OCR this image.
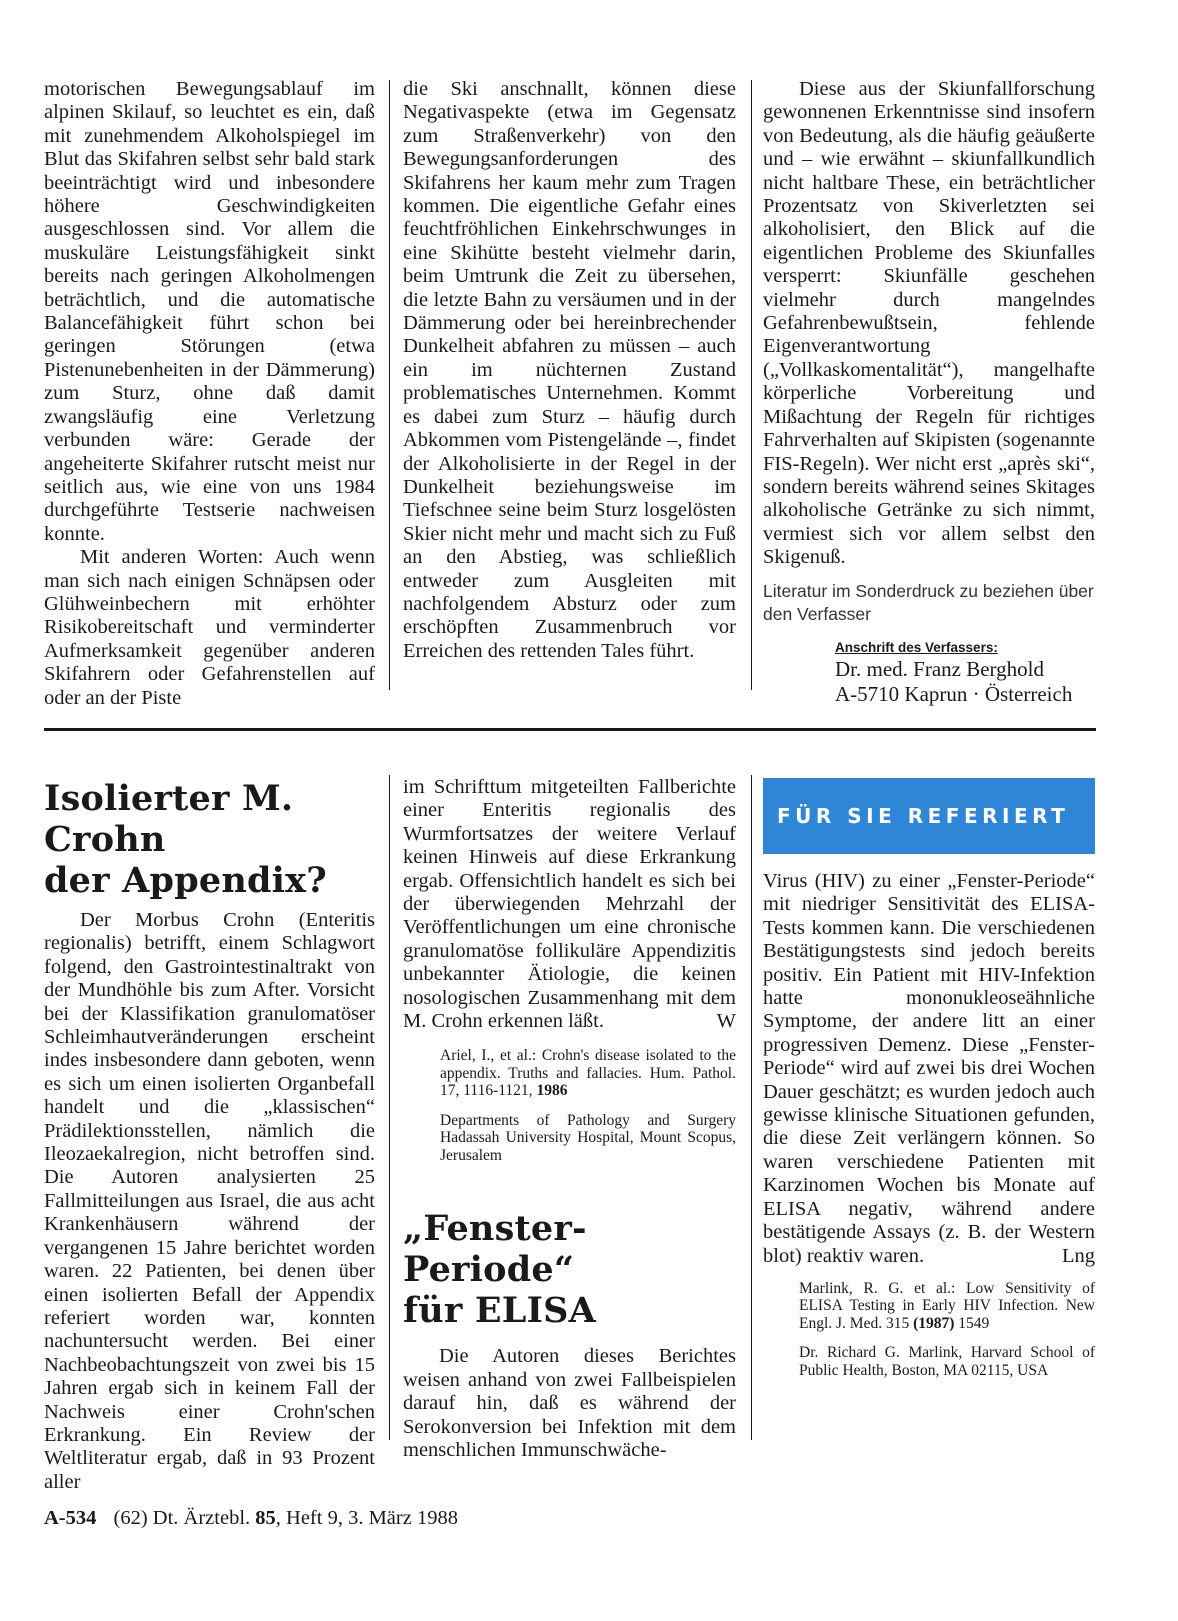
motorischen Bewegungsablauf im alpinen Skilauf, so leuchtet es ein, daß mit zunehmendem Alkoholspiegel im Blut das Skifahren selbst sehr bald stark beeinträchtigt wird und inbesondere höhere Geschwindigkeiten ausgeschlossen sind. Vor allem die muskuläre Leistungsfähigkeit sinkt bereits nach geringen Alkoholmengen beträchtlich, und die automatische Balancefähigkeit führt schon bei geringen Störungen (etwa Pistenunebenheiten in der Dämmerung) zum Sturz, ohne daß damit zwangsläufig eine Verletzung verbunden wäre: Gerade der angeheiterte Skifahrer rutscht meist nur seitlich aus, wie eine von uns 1984 durchgeführte Testserie nachweisen konnte.

Mit anderen Worten: Auch wenn man sich nach einigen Schnäpsen oder Glühweinbechern mit erhöhter Risikobereitschaft und verminderter Aufmerksamkeit gegenüber anderen Skifahrern oder Gefahrenstellen auf oder an der Piste

die Ski anschnallt, können diese Negativaspekte (etwa im Gegensatz zum Straßenverkehr) von den Bewegungsanforderungen des Skifahrens her kaum mehr zum Tragen kommen. Die eigentliche Gefahr eines feuchtfröhlichen Einkehrschwunges in eine Skihütte besteht vielmehr darin, beim Umtrunk die Zeit zu übersehen, die letzte Bahn zu versäumen und in der Dämmerung oder bei hereinbrechender Dunkelheit abfahren zu müssen – auch ein im nüchternen Zustand problematisches Unternehmen. Kommt es dabei zum Sturz – häufig durch Abkommen vom Pistengelände –, findet der Alkoholisierte in der Regel in der Dunkelheit beziehungsweise im Tiefschnee seine beim Sturz losgelösten Skier nicht mehr und macht sich zu Fuß an den Abstieg, was schließlich entweder zum Ausgleiten mit nachfolgendem Absturz oder zum erschöpften Zusammenbruch vor Erreichen des rettenden Tales führt.

Diese aus der Skiunfallforschung gewonnenen Erkenntnisse sind insofern von Bedeutung, als die häufig geäußerte und – wie erwähnt – skiunfallkundlich nicht haltbare These, ein beträchtlicher Prozentsatz von Skiverletzten sei alkoholisiert, den Blick auf die eigentlichen Probleme des Skiunfalles versperrt: Skiunfälle geschehen vielmehr durch mangelndes Gefahrenbewußtsein, fehlende Eigenverantwortung („Vollkaskomentalität“), mangelhafte körperliche Vorbereitung und Mißachtung der Regeln für richtiges Fahrverhalten auf Skipisten (sogenannte FIS-Regeln). Wer nicht erst „après ski“, sondern bereits während seines Skitages alkoholische Getränke zu sich nimmt, vermiest sich vor allem selbst den Skigenuß.

Literatur im Sonderdruck zu beziehen über den Verfasser

Anschrift des Verfassers:

Dr. med. Franz Berghold

A-5710 Kaprun · Österreich

Isolierter M. Crohn
der Appendix?

Der Morbus Crohn (Enteritis regionalis) betrifft, einem Schlagwort folgend, den Gastrointestinaltrakt von der Mundhöhle bis zum After. Vorsicht bei der Klassifikation granulomatöser Schleimhautveränderungen erscheint indes insbesondere dann geboten, wenn es sich um einen isolierten Organbefall handelt und die „klassischen“ Prädilektionsstellen, nämlich die Ileozaekalregion, nicht betroffen sind. Die Autoren analysierten 25 Fallmitteilungen aus Israel, die aus acht Krankenhäusern während der vergangenen 15 Jahre berichtet worden waren. 22 Patienten, bei denen über einen isolierten Befall der Appendix referiert worden war, konnten nachuntersucht werden. Bei einer Nachbeobachtungszeit von zwei bis 15 Jahren ergab sich in keinem Fall der Nachweis einer Crohn'schen Erkrankung. Ein Review der Weltliteratur ergab, daß in 93 Prozent aller

im Schrifttum mitgeteilten Fallberichte einer Enteritis regionalis des Wurmfortsatzes der weitere Verlauf keinen Hinweis auf diese Erkrankung ergab. Offensichtlich handelt es sich bei der überwiegenden Mehrzahl der Veröffentlichungen um eine chronische granulomatöse follikuläre Appendizitis unbekannter Ätiologie, die keinen nosologischen Zusammenhang mit dem M. Crohn erkennen läßt.	W

Ariel, I., et al.: Crohn's disease isolated to the appendix. Truths and fallacies. Hum. Pathol. 17, 1116-1121, 1986

Departments of Pathology and Surgery Hadassah University Hospital, Mount Scopus, Jerusalem

„Fenster-Periode“
für ELISA

Die Autoren dieses Berichtes weisen anhand von zwei Fallbeispielen darauf hin, daß es während der Serokonversion bei Infektion mit dem menschlichen Immunschwäche-

FÜR SIE REFERIERT

Virus (HIV) zu einer „Fenster-Periode“ mit niedriger Sensitivität des ELISA-Tests kommen kann. Die verschiedenen Bestätigungstests sind jedoch bereits positiv. Ein Patient mit HIV-Infektion hatte mononukleoseähnliche Symptome, der andere litt an einer progressiven Demenz. Diese „Fenster-Periode“ wird auf zwei bis drei Wochen Dauer geschätzt; es wurden jedoch auch gewisse klinische Situationen gefunden, die diese Zeit verlängern können. So waren verschiedene Patienten mit Karzinomen Wochen bis Monate auf ELISA negativ, während andere bestätigende Assays (z. B. der Western blot) reaktiv waren.	Lng

Marlink, R. G. et al.: Low Sensitivity of ELISA Testing in Early HIV Infection. New Engl. J. Med. 315 (1987) 1549

Dr. Richard G. Marlink, Harvard School of Public Health, Boston, MA 02115, USA

A-534 (62) Dt. Ärztebl. 85, Heft 9, 3. März 1988
